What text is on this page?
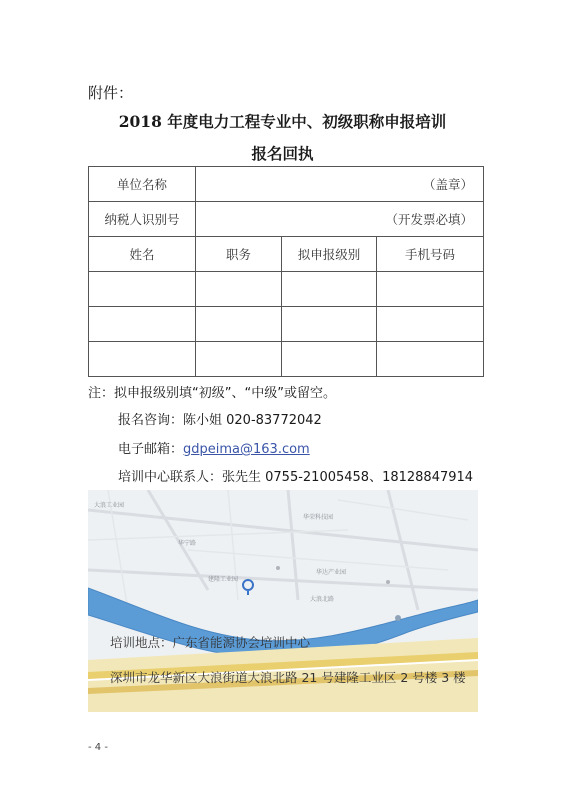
附件：
2018 年度电力工程专业中、初级职称申报培训
报名回执
单位名称	（盖章）		
纳税人识别号	（开发票必填）		
姓名	职务	拟申报级别	手机号码

注：拟申报级别填“初级”、“中级”或留空。
报名咨询：陈小姐 020-83772042
电子邮箱：gdpeima@163.com
培训中心联系人：张先生 0755-21005458、18128847914
大浪工业园
华荣科技园
建隆工业园
华达产业园
华宁路
大浪北路
培训地点：广东省能源协会培训中心
深圳市龙华新区大浪街道大浪北路 21 号建隆工业区 2 号楼 3 楼
- 4 -
